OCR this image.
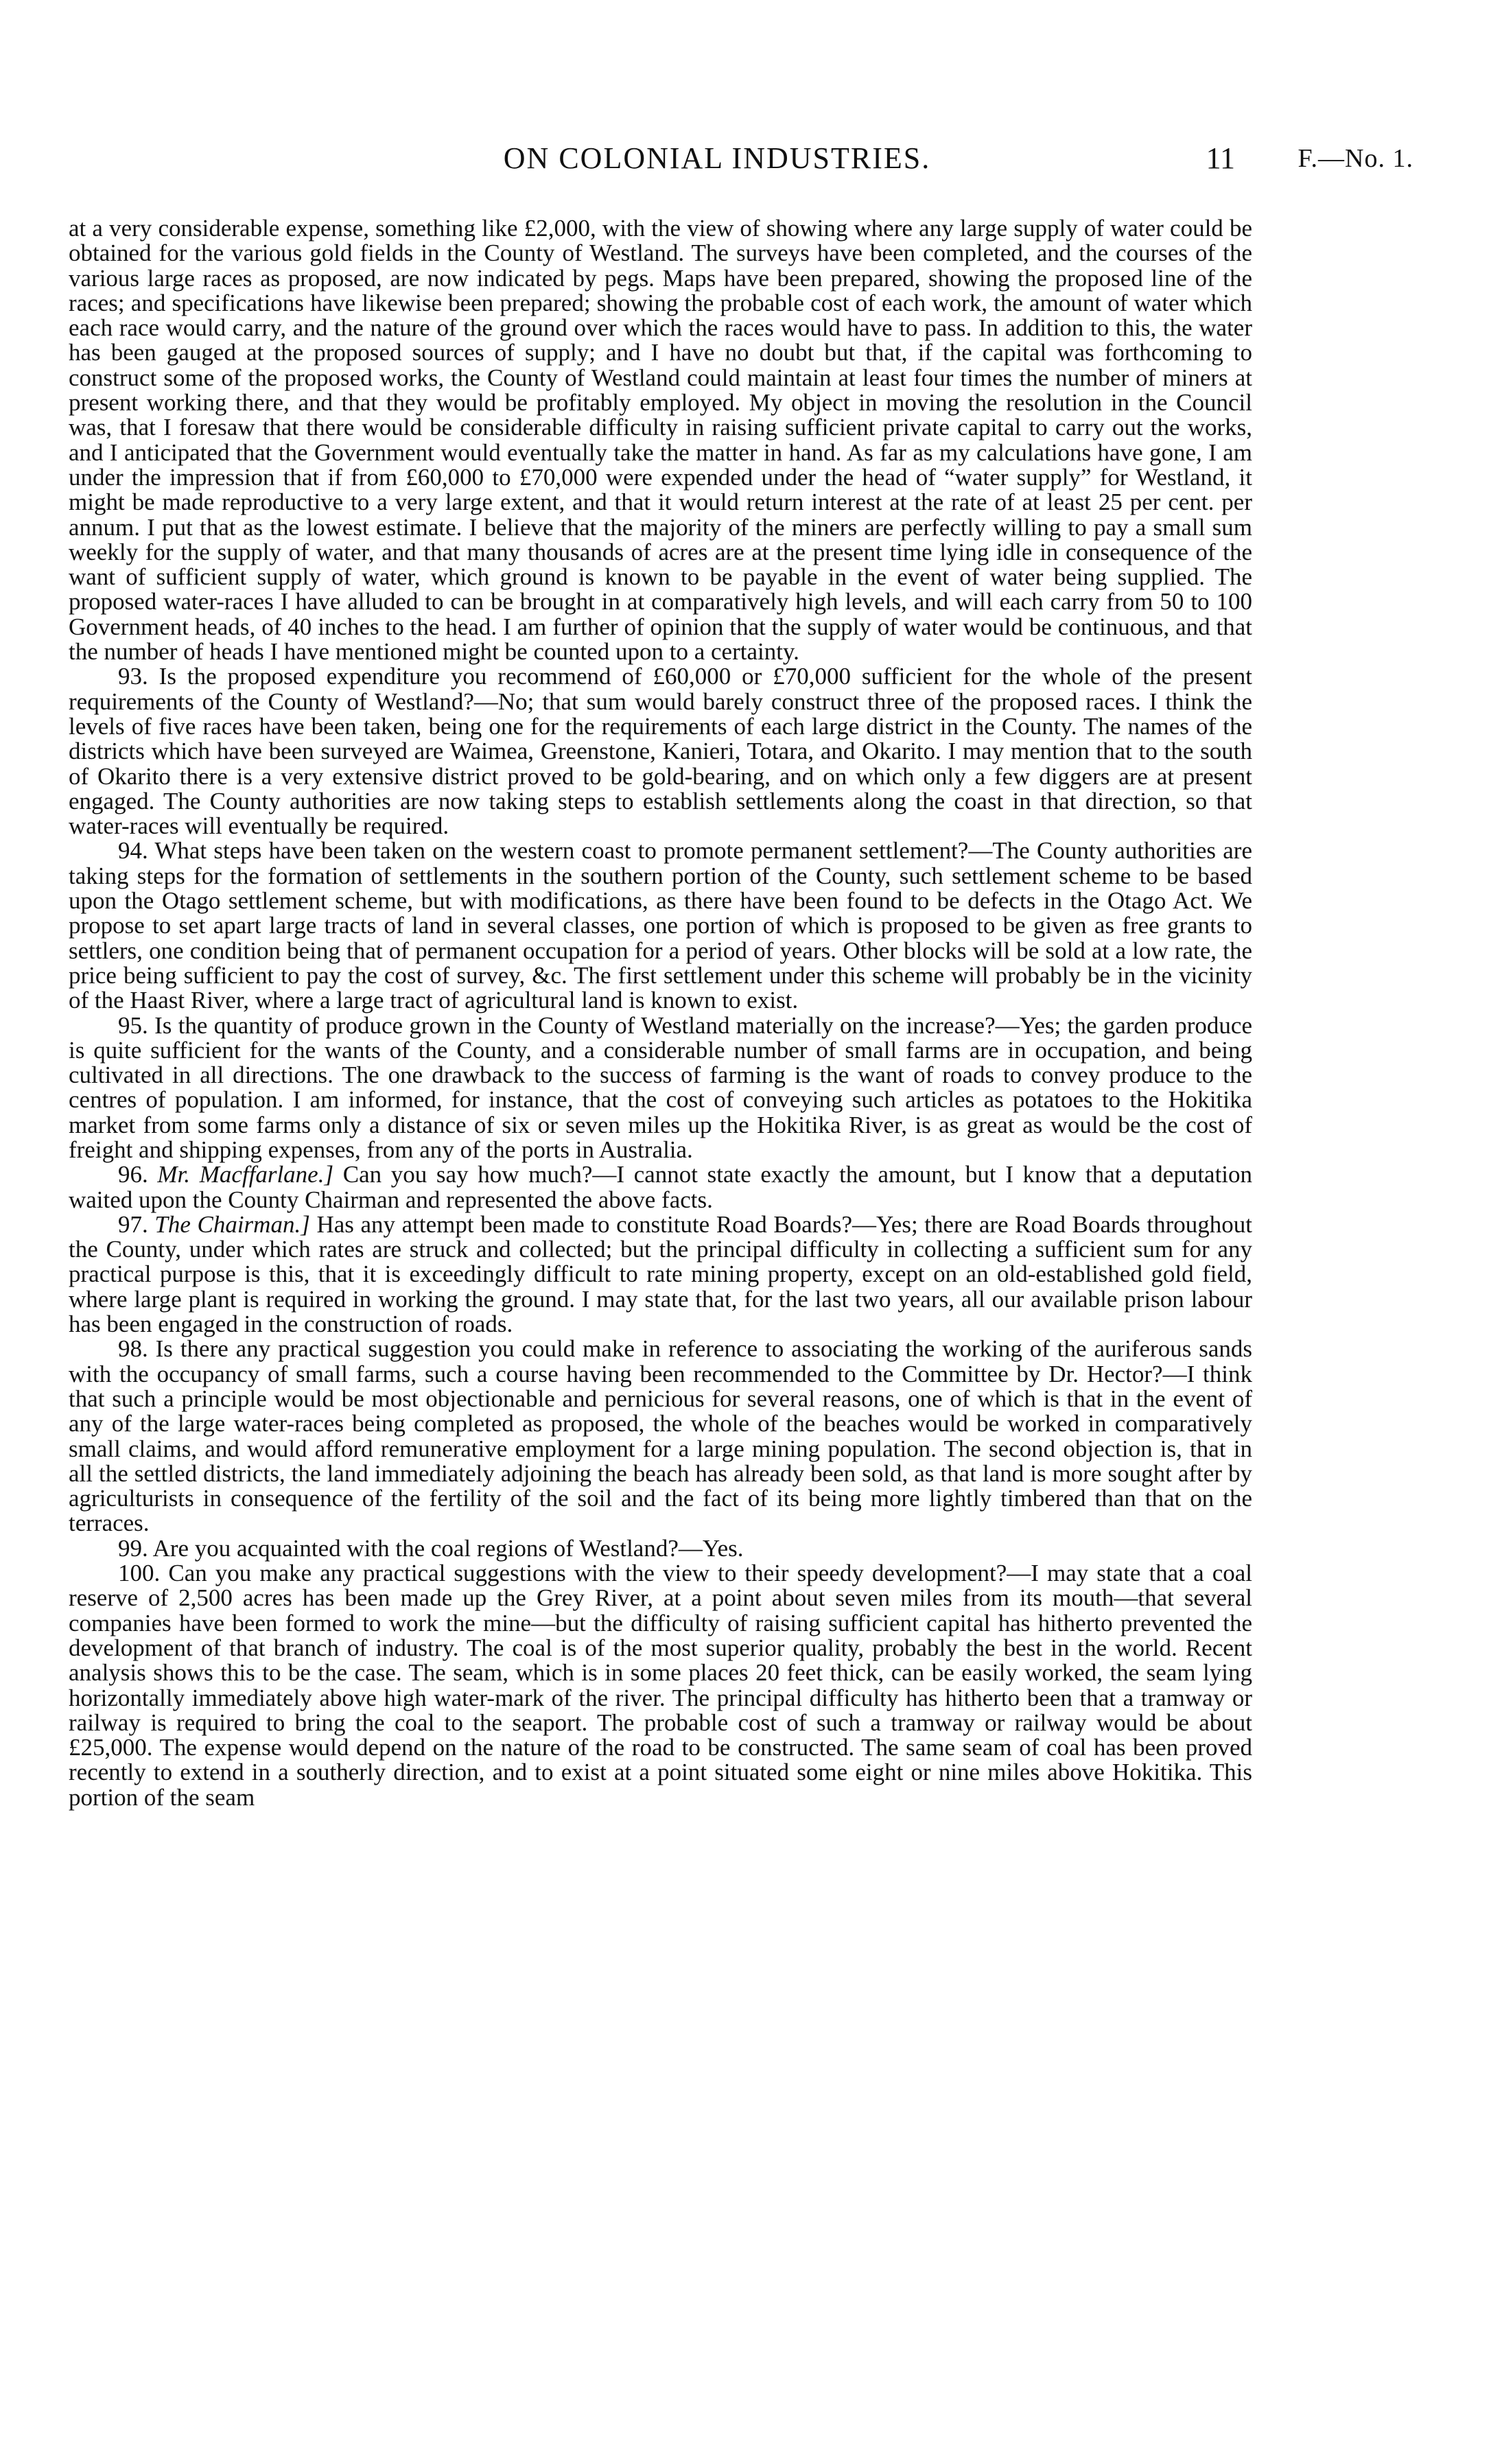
ON COLONIAL INDUSTRIES.	11 F.—No. 1.

at a very considerable expense, something like £2,000, with the view of showing where any large supply of water could be obtained for the various gold fields in the County of Westland. The surveys have been completed, and the courses of the various large races as proposed, are now indicated by pegs. Maps have been prepared, showing the proposed line of the races; and specifications have likewise been prepared; showing the probable cost of each work, the amount of water which each race would carry, and the nature of the ground over which the races would have to pass. In addition to this, the water has been gauged at the proposed sources of supply; and I have no doubt but that, if the capital was forthcoming to construct some of the proposed works, the County of Westland could maintain at least four times the number of miners at present working there, and that they would be profitably employed. My object in moving the resolution in the Council was, that I foresaw that there would be considerable difficulty in raising sufficient private capital to carry out the works, and I anticipated that the Government would eventually take the matter in hand. As far as my calculations have gone, I am under the impression that if from £60,000 to £70,000 were expended under the head of “water supply” for Westland, it might be made reproductive to a very large extent, and that it would return interest at the rate of at least 25 per cent. per annum. I put that as the lowest estimate. I believe that the majority of the miners are perfectly willing to pay a small sum weekly for the supply of water, and that many thousands of acres are at the present time lying idle in consequence of the want of sufficient supply of water, which ground is known to be payable in the event of water being supplied. The proposed water-races I have alluded to can be brought in at comparatively high levels, and will each carry from 50 to 100 Government heads, of 40 inches to the head. I am further of opinion that the supply of water would be continuous, and that the number of heads I have mentioned might be counted upon to a certainty.

93. Is the proposed expenditure you recommend of £60,000 or £70,000 sufficient for the whole of the present requirements of the County of Westland?—No; that sum would barely construct three of the proposed races. I think the levels of five races have been taken, being one for the requirements of each large district in the County. The names of the districts which have been surveyed are Waimea, Greenstone, Kanieri, Totara, and Okarito. I may mention that to the south of Okarito there is a very extensive district proved to be gold-bearing, and on which only a few diggers are at present engaged. The County authorities are now taking steps to establish settlements along the coast in that direction, so that water-races will eventually be required.

94. What steps have been taken on the western coast to promote permanent settlement?—The County authorities are taking steps for the formation of settlements in the southern portion of the County, such settlement scheme to be based upon the Otago settlement scheme, but with modifications, as there have been found to be defects in the Otago Act. We propose to set apart large tracts of land in several classes, one portion of which is proposed to be given as free grants to settlers, one condition being that of permanent occupation for a period of years. Other blocks will be sold at a low rate, the price being sufficient to pay the cost of survey, &c. The first settlement under this scheme will probably be in the vicinity of the Haast River, where a large tract of agricultural land is known to exist.

95. Is the quantity of produce grown in the County of Westland materially on the increase?—Yes; the garden produce is quite sufficient for the wants of the County, and a considerable number of small farms are in occupation, and being cultivated in all directions. The one drawback to the success of farming is the want of roads to convey produce to the centres of population. I am informed, for instance, that the cost of conveying such articles as potatoes to the Hokitika market from some farms only a distance of six or seven miles up the Hokitika River, is as great as would be the cost of freight and shipping expenses, from any of the ports in Australia.

96. Mr. Macffarlane.] Can you say how much?—I cannot state exactly the amount, but I know that a deputation waited upon the County Chairman and represented the above facts.

97. The Chairman.] Has any attempt been made to constitute Road Boards?—Yes; there are Road Boards throughout the County, under which rates are struck and collected; but the principal difficulty in collecting a sufficient sum for any practical purpose is this, that it is exceedingly difficult to rate mining property, except on an old-established gold field, where large plant is required in working the ground. I may state that, for the last two years, all our available prison labour has been engaged in the construction of roads.

98. Is there any practical suggestion you could make in reference to associating the working of the auriferous sands with the occupancy of small farms, such a course having been recommended to the Committee by Dr. Hector?—I think that such a principle would be most objectionable and pernicious for several reasons, one of which is that in the event of any of the large water-races being completed as proposed, the whole of the beaches would be worked in comparatively small claims, and would afford remunerative employment for a large mining population. The second objection is, that in all the settled districts, the land immediately adjoining the beach has already been sold, as that land is more sought after by agriculturists in consequence of the fertility of the soil and the fact of its being more lightly timbered than that on the terraces.

99. Are you acquainted with the coal regions of Westland?—Yes.

100. Can you make any practical suggestions with the view to their speedy development?—I may state that a coal reserve of 2,500 acres has been made up the Grey River, at a point about seven miles from its mouth—that several companies have been formed to work the mine—but the difficulty of raising sufficient capital has hitherto prevented the development of that branch of industry. The coal is of the most superior quality, probably the best in the world. Recent analysis shows this to be the case. The seam, which is in some places 20 feet thick, can be easily worked, the seam lying horizontally immediately above high water-mark of the river. The principal difficulty has hitherto been that a tramway or railway is required to bring the coal to the seaport. The probable cost of such a tramway or railway would be about £25,000. The expense would depend on the nature of the road to be constructed. The same seam of coal has been proved recently to extend in a southerly direction, and to exist at a point situated some eight or nine miles above Hokitika. This portion of the seam
